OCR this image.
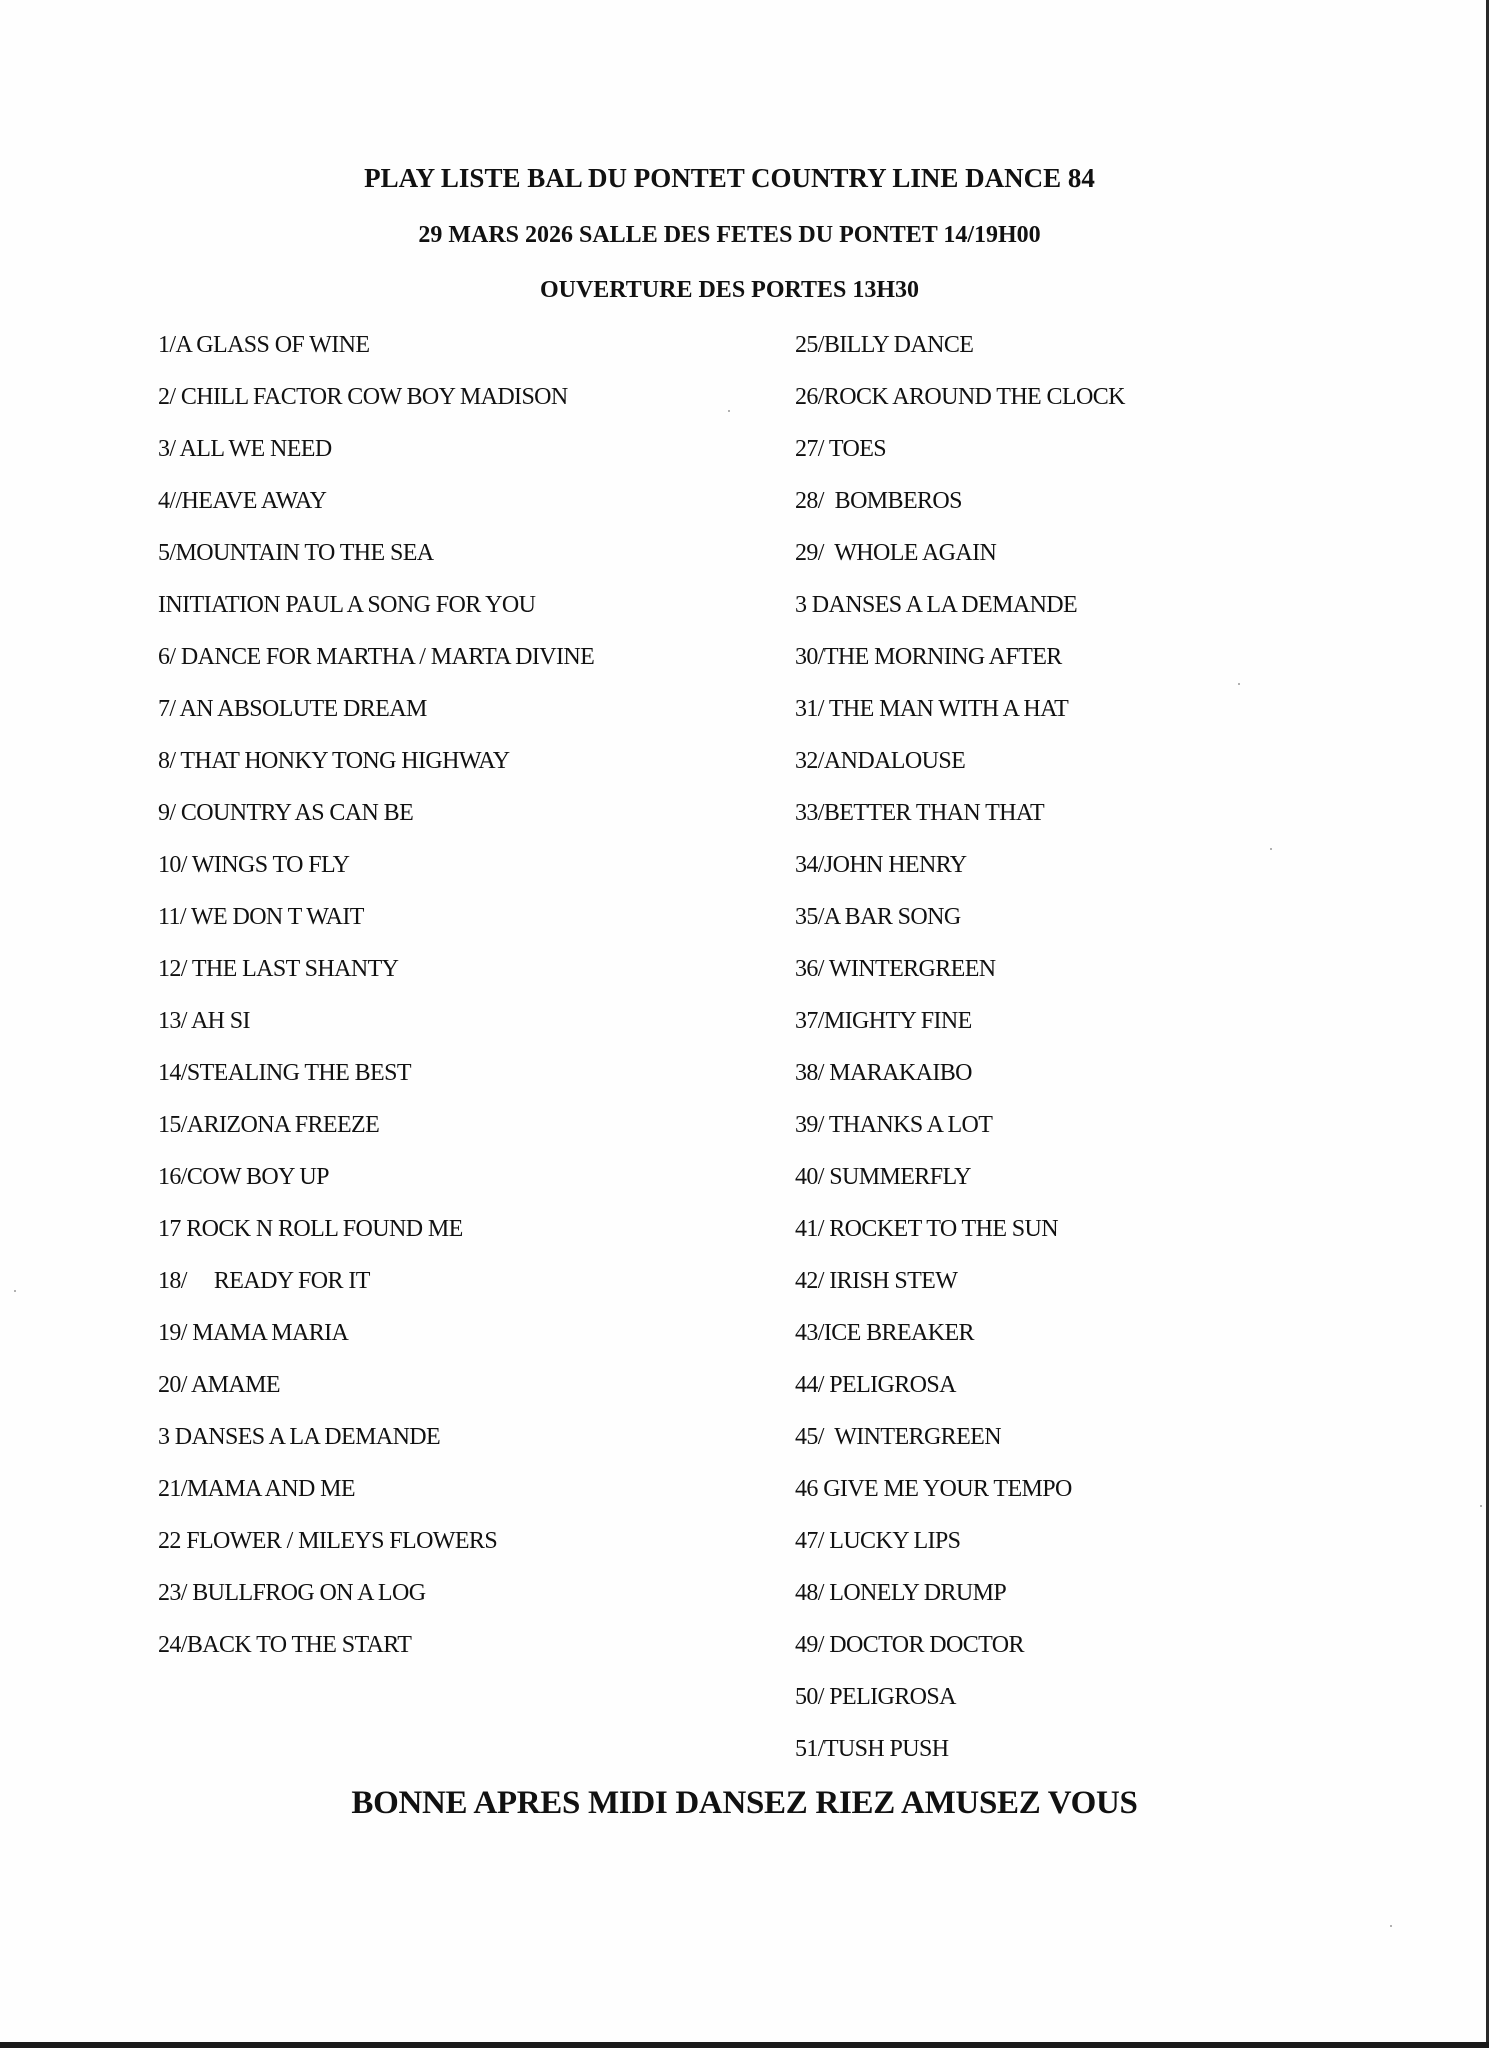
PLAY LISTE BAL DU PONTET COUNTRY LINE DANCE 84
29 MARS 2026 SALLE DES FETES DU PONTET 14/19H00
OUVERTURE DES PORTES 13H30
1/A GLASS OF WINE
2/ CHILL FACTOR COW BOY MADISON
3/ ALL WE NEED
4//HEAVE AWAY
5/MOUNTAIN TO THE SEA
INITIATION PAUL A SONG FOR YOU
6/ DANCE FOR MARTHA / MARTA DIVINE
7/ AN ABSOLUTE DREAM
8/ THAT HONKY TONG HIGHWAY
9/ COUNTRY AS CAN BE
10/ WINGS TO FLY
11/ WE DON T WAIT
12/ THE LAST SHANTY
13/ AH SI
14/STEALING THE BEST
15/ARIZONA FREEZE
16/COW BOY UP
17 ROCK N ROLL FOUND ME
18/     READY FOR IT
19/ MAMA MARIA
20/ AMAME
3 DANSES A LA DEMANDE
21/MAMA AND ME
22 FLOWER / MILEYS FLOWERS
23/ BULLFROG ON A LOG
24/BACK TO THE START
25/BILLY DANCE
26/ROCK AROUND THE CLOCK
27/ TOES
28/  BOMBEROS
29/  WHOLE AGAIN
3 DANSES A LA DEMANDE
30/THE MORNING AFTER
31/ THE MAN WITH A HAT
32/ANDALOUSE
33/BETTER THAN THAT
34/JOHN HENRY
35/A BAR SONG
36/ WINTERGREEN
37/MIGHTY FINE
38/ MARAKAIBO
39/ THANKS A LOT
40/ SUMMERFLY
41/ ROCKET TO THE SUN
42/ IRISH STEW
43/ICE BREAKER
44/ PELIGROSA
45/  WINTERGREEN
46 GIVE ME YOUR TEMPO
47/ LUCKY LIPS
48/ LONELY DRUMP
49/ DOCTOR DOCTOR
50/ PELIGROSA
51/TUSH PUSH
BONNE APRES MIDI DANSEZ RIEZ AMUSEZ VOUS
